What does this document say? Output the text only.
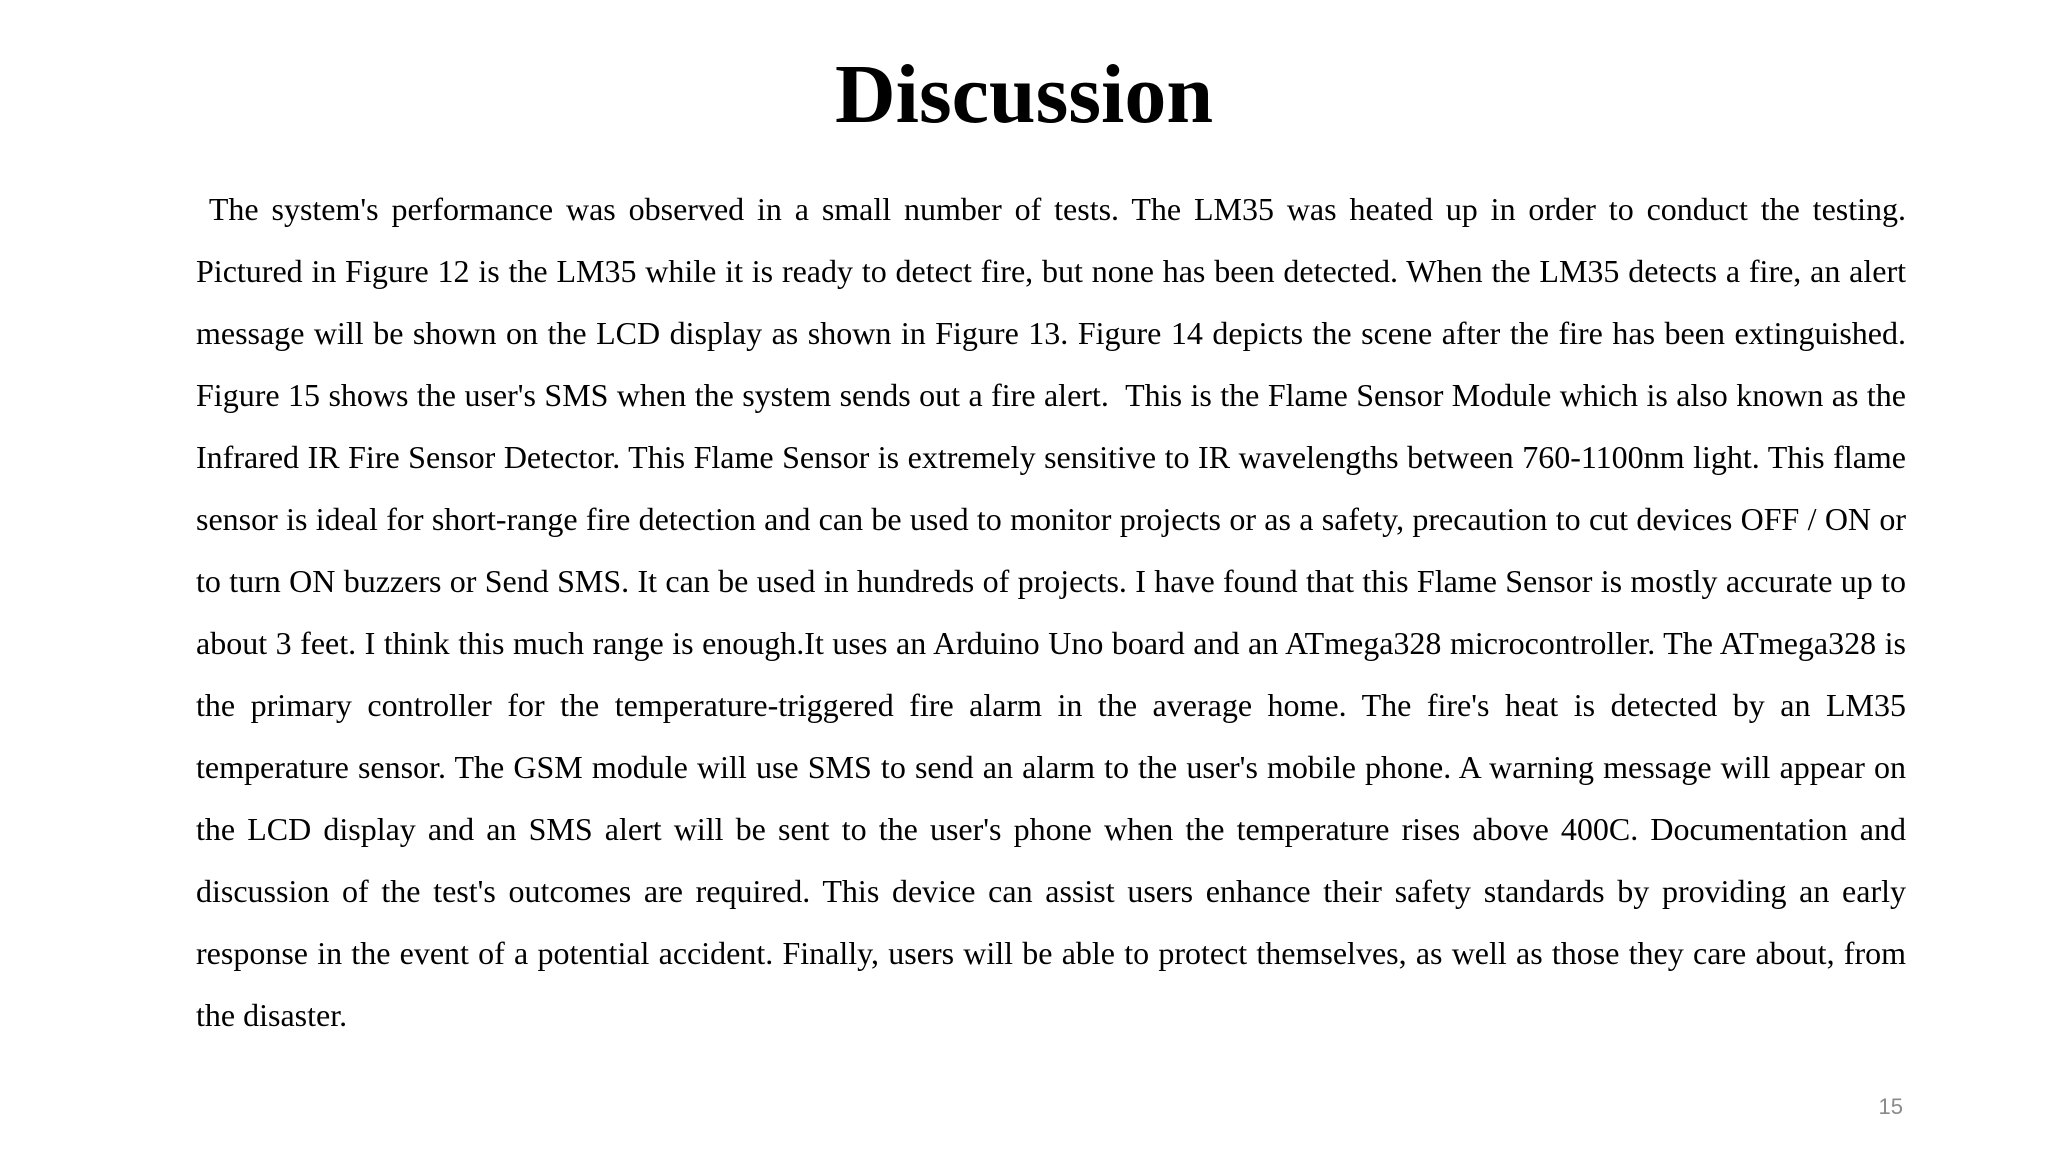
Discussion

The system's performance was observed in a small number of tests. The LM35 was heated up in order to conduct the testing. Pictured in Figure 12 is the LM35 while it is ready to detect fire, but none has been detected. When the LM35 detects a fire, an alert message will be shown on the LCD display as shown in Figure 13. Figure 14 depicts the scene after the fire has been extinguished. Figure 15 shows the user's SMS when the system sends out a fire alert.  This is the Flame Sensor Module which is also known as the Infrared IR Fire Sensor Detector. This Flame Sensor is extremely sensitive to IR wavelengths between 760-1100nm light. This flame sensor is ideal for short-range fire detection and can be used to monitor projects or as a safety, precaution to cut devices OFF / ON or to turn ON buzzers or Send SMS. It can be used in hundreds of projects. I have found that this Flame Sensor is mostly accurate up to about 3 feet. I think this much range is enough.It uses an Arduino Uno board and an ATmega328 microcontroller. The ATmega328 is the primary controller for the temperature-triggered fire alarm in the average home. The fire's heat is detected by an LM35 temperature sensor. The GSM module will use SMS to send an alarm to the user's mobile phone. A warning message will appear on the LCD display and an SMS alert will be sent to the user's phone when the temperature rises above 400C. Documentation and discussion of the test's outcomes are required. This device can assist users enhance their safety standards by providing an early response in the event of a potential accident. Finally, users will be able to protect themselves, as well as those they care about, from the disaster.

15
